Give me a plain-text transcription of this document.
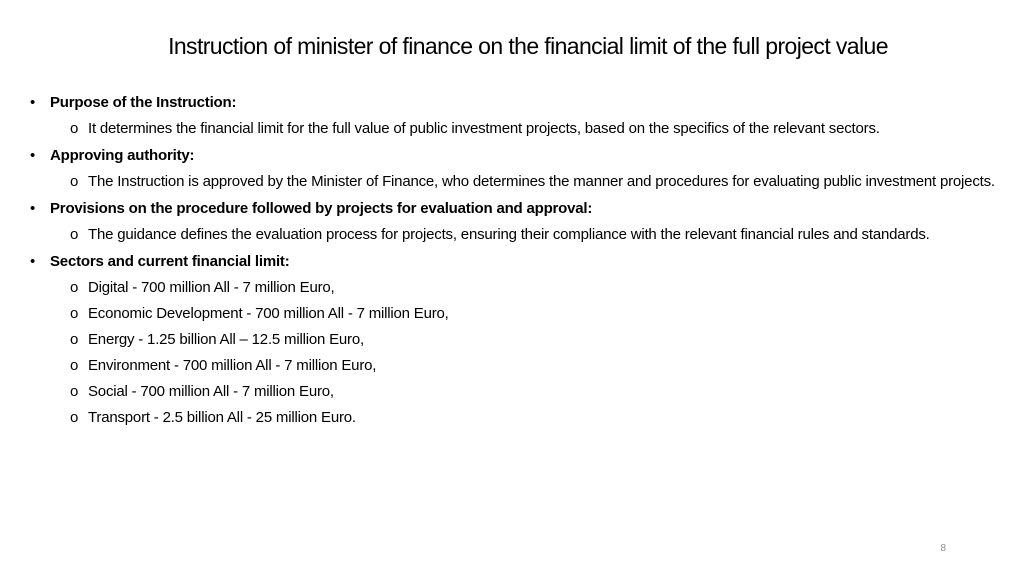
Instruction of minister of finance on the financial limit of the full project value
• Purpose of the Instruction:
o It determines the financial limit for the full value of public investment projects, based on the specifics of the relevant sectors.
• Approving authority:
o The Instruction is approved by the Minister of Finance, who determines the manner and procedures for evaluating public investment projects.
• Provisions on the procedure followed by projects for evaluation and approval:
o The guidance defines the evaluation process for projects, ensuring their compliance with the relevant financial rules and standards.
• Sectors and current financial limit:
o Digital - 700 million All - 7 million Euro,
o Economic Development - 700 million All - 7 million Euro,
o Energy - 1.25 billion All – 12.5 million Euro,
o Environment - 700 million All - 7 million Euro,
o Social - 700 million All - 7 million Euro,
o Transport - 2.5 billion All - 25 million Euro.
8
